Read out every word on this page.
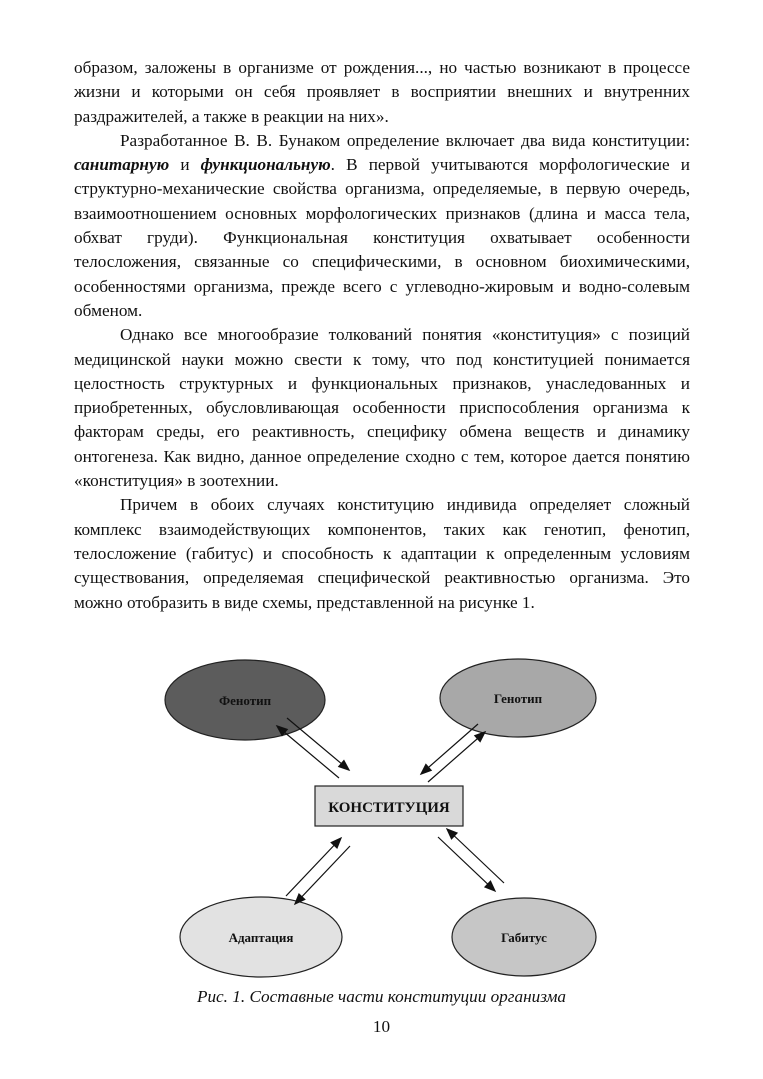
образом, заложены в организме от рождения..., но частью возникают в процессе жизни и которыми он себя проявляет в восприятии внешних и внутренних раздражителей, а также в реакции на них».

Разработанное В. В. Бунаком определение включает два вида конституции: санитарную и функциональную. В первой учитываются морфологические и структурно-механические свойства организма, определяемые, в первую очередь, взаимоотношением основных морфологических признаков (длина и масса тела, обхват груди). Функциональная конституция охватывает особенности телосложения, связанные со специфическими, в основном биохимическими, особенностями организма, прежде всего с углеводно-жировым и водно-солевым обменом.

Однако все многообразие толкований понятия «конституция» с позиций медицинской науки можно свести к тому, что под конституцией понимается целостность структурных и функциональных признаков, унаследованных и приобретенных, обусловливающая особенности приспособления организма к факторам среды, его реактивность, специфику обмена веществ и динамику онтогенеза. Как видно, данное определение сходно с тем, которое дается понятию «конституция» в зоотехнии.

Причем в обоих случаях конституцию индивида определяет сложный комплекс взаимодействующих компонентов, таких как генотип, фенотип, телосложение (габитус) и способность к адаптации к определенным условиям существования, определяемая специфической реактивностью организма. Это можно отобразить в виде схемы, представленной на рисунке 1.

Фенотип	Генотип
Адаптация	Габитус
КОНСТИТУЦИЯ
Рис. 1. Составные части конституции организма
10
